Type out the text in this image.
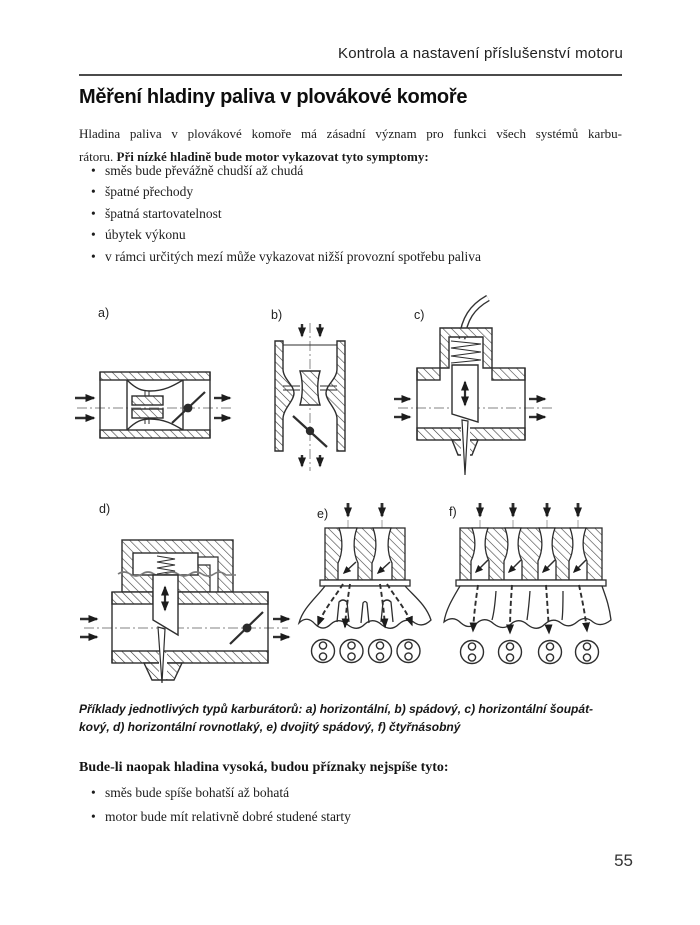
Kontrola a nastavení příslušenství motoru
Měření hladiny paliva v plovákové komoře
Hladina paliva v plovákové komoře má zásadní význam pro funkci všech systémů karbu-
rátoru. Při nízké hladině bude motor vykazovat tyto symptomy:
• směs bude převážně chudší až chudá
• špatné přechody
• špatná startovatelnost
• úbytek výkonu
• v rámci určitých mezí může vykazovat nižší provozní spotřebu paliva
a)	b)	c)
d)	e)	f)
Příklady jednotlivých typů karburátorů: a) horizontální, b) spádový, c) horizontální šoupát-
kový, d) horizontální rovnotlaký, e) dvojitý spádový, f) čtyřnásobný
Bude-li naopak hladina vysoká, budou příznaky nejspíše tyto:
• směs bude spíše bohatší až bohatá
• motor bude mít relativně dobré studené starty
55
